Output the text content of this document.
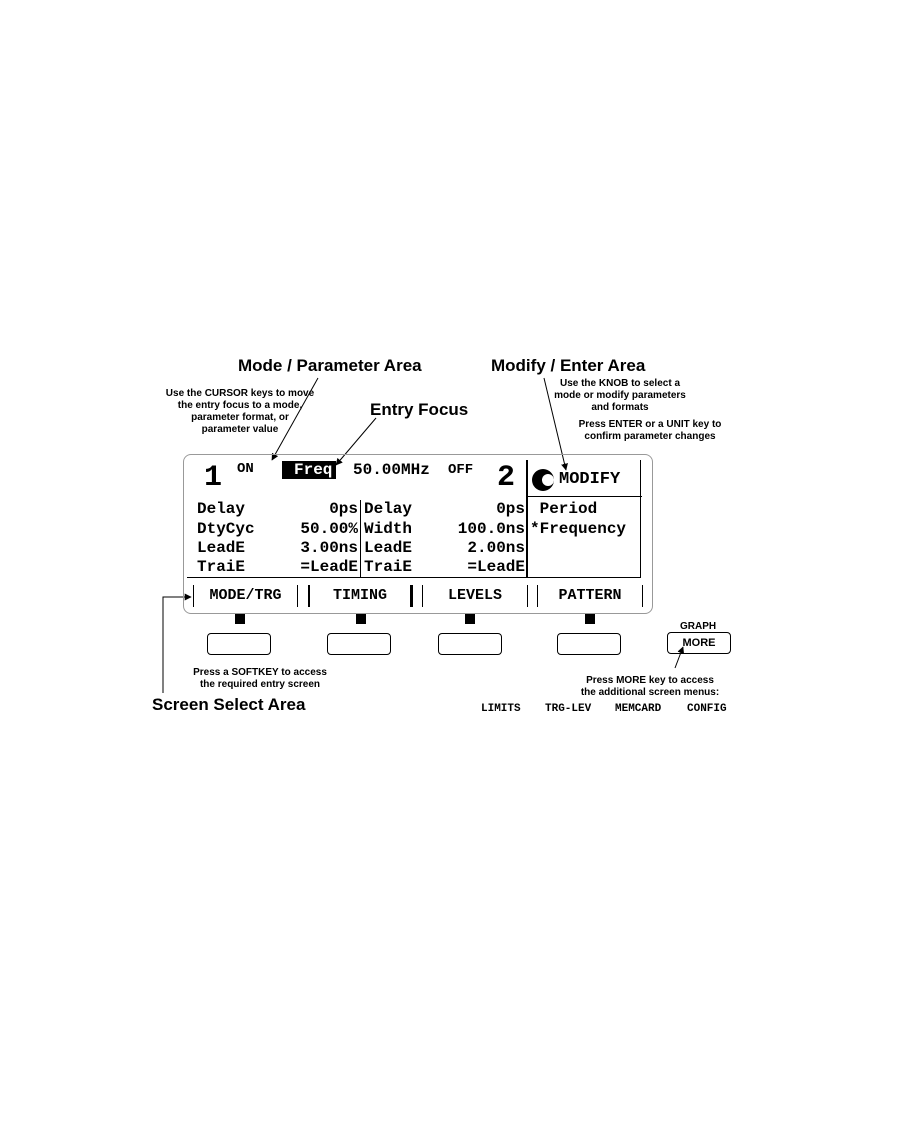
Mode / Parameter Area	Modify / Enter Area
Entry Focus
Screen Select Area
Use the CURSOR keys to move
the entry focus to a mode,
parameter format, or
parameter value
Use the KNOB to select a
mode or modify parameters
and formats
Press ENTER or a UNIT key to
confirm parameter changes
Press a SOFTKEY to access
the required entry screen	Press MORE key to access
the additional screen menus:
1 ON	Freq 50.00MHz OFF 2	MODIFY
Period
*Frequency
Delay	0ps
DtyCyc	50.00%
LeadE	3.00ns
TraiE	=LeadE
Delay	0ps
Width	100.0ns
LeadE	2.00ns
TraiE	=LeadE
MODE/TRG	TIMING	LEVELS	PATTERN
GRAPH
MORE
LIMITS TRG-LEV MEMCARD CONFIG
